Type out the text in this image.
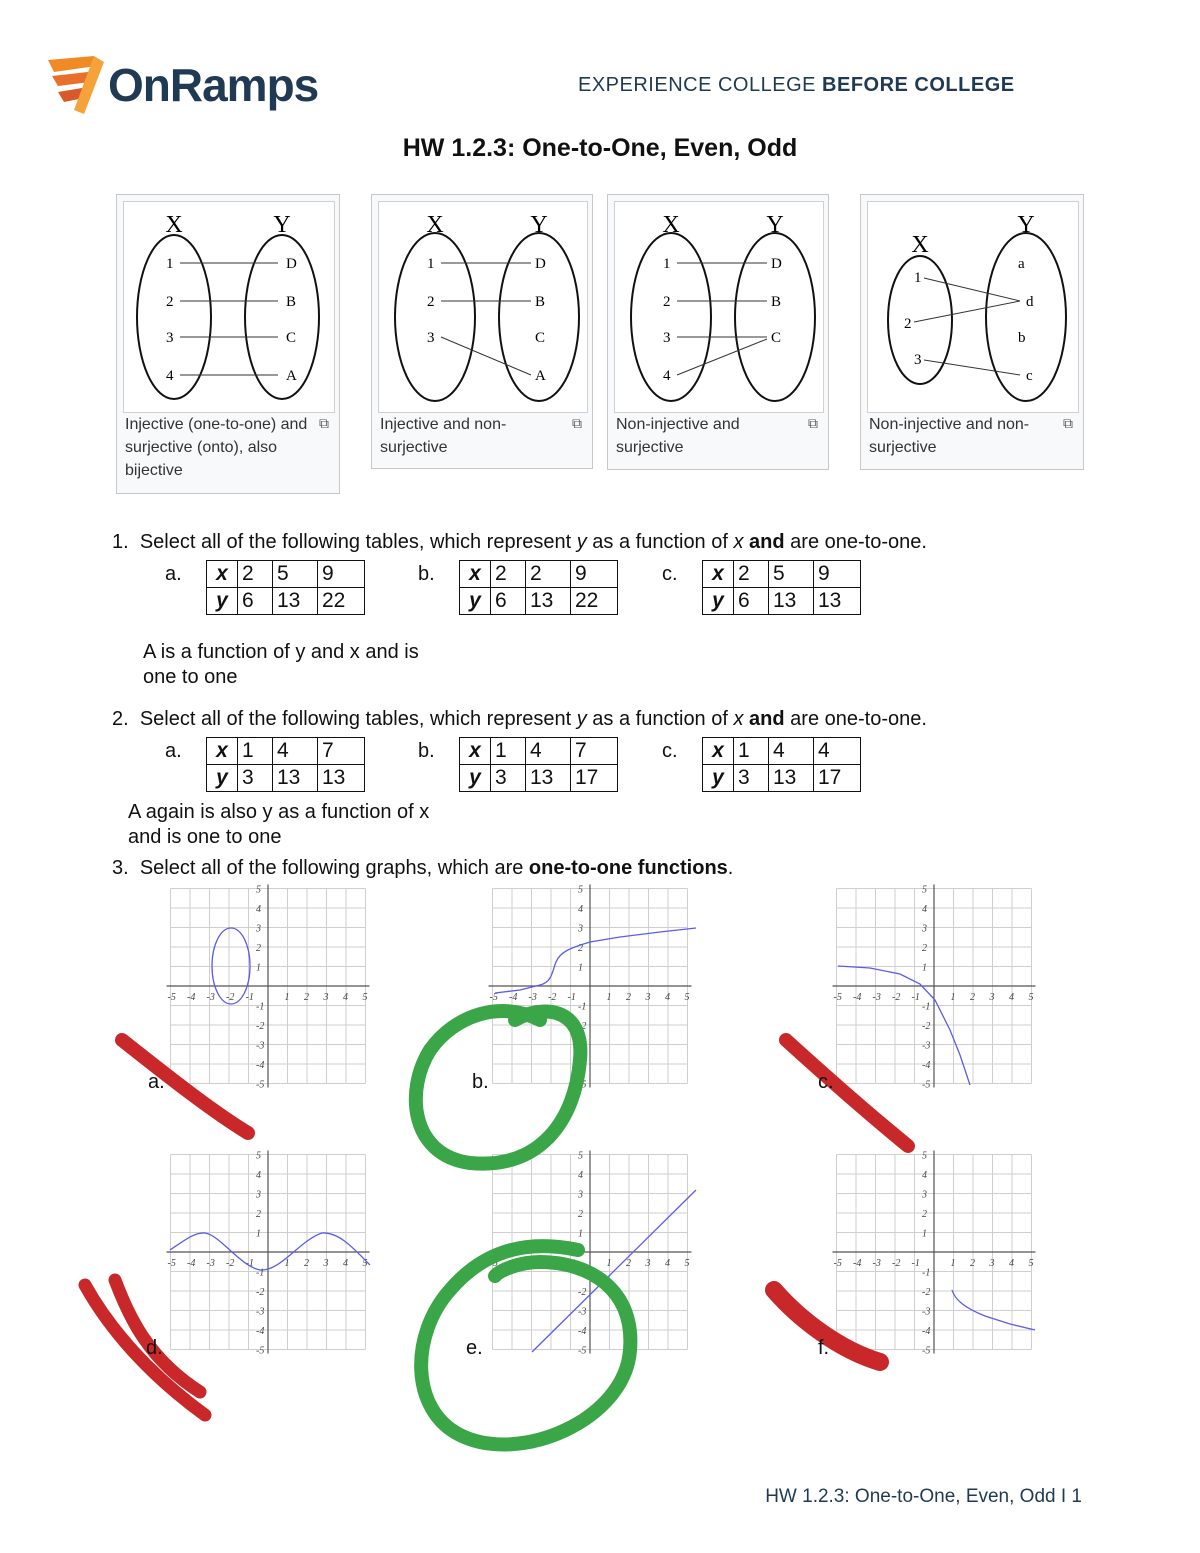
OnRamps	EXPERIENCE COLLEGE BEFORE COLLEGE
HW 1.2.3: One-to-One, Even, Odd
X	Y
1
2
3
4
D
B
C
A
Injective (one-to-one) and surjective (onto), also bijective
⧉
X	Y
1
2
3
D
B
C
A
Injective and non-surjective
⧉
X	Y
1
2
3
4
D
B
C
Non-injective and surjective
⧉
X
Y
1
2
3
a
d
b
c
Non-injective and non-surjective
⧉
1. Select all of the following tables, which represent y as a function of x and are one-to-one.
a. x	2	5	9
y	6	13	22
b. x	2	2	9
y	6	13	22
c. x	2	5	9
y	6	13	13
A is a function of y and x and is
one to one
2. Select all of the following tables, which represent y as a function of x and are one-to-one.
a. x	1	4	7
y	3	13	13
b. x	1	4	7
y	3	13	17
c. x	1	4	4
y	3	13	17
A again is also y as a function of x
and is one to one
3. Select all of the following graphs, which are one-to-one functions.
-5
-5
-4
-4
-3
-3
-2
-2
-1
-1
1
1
2
2
3
3
4
4
5
5
-5
-5
-4
-4
-3
-3
-2
-2
-1
-1
1
1
2
2
3
3
4
4
5
5
-5
-5
-4
-4
-3
-3
-2
-2
-1
-1
1
1
2
2
3
3
4
4
5
5
-5
-5
-4
-4
-3
-3
-2
-2
-1
-1
1
1
2
2
3
3
4
4
5
5
-5
-5
-4
-4
-3
-3
-2
-2
-1
-1
1
1
2
2
3
3
4
4
5
5
-5
-5
-4
-4
-3
-3
-2
-2
-1
-1
1
1
2
2
3
3
4
4
5
5
a.	b.	c.
d.	e.	f.
HW 1.2.3: One-to-One, Even, Odd I 1
